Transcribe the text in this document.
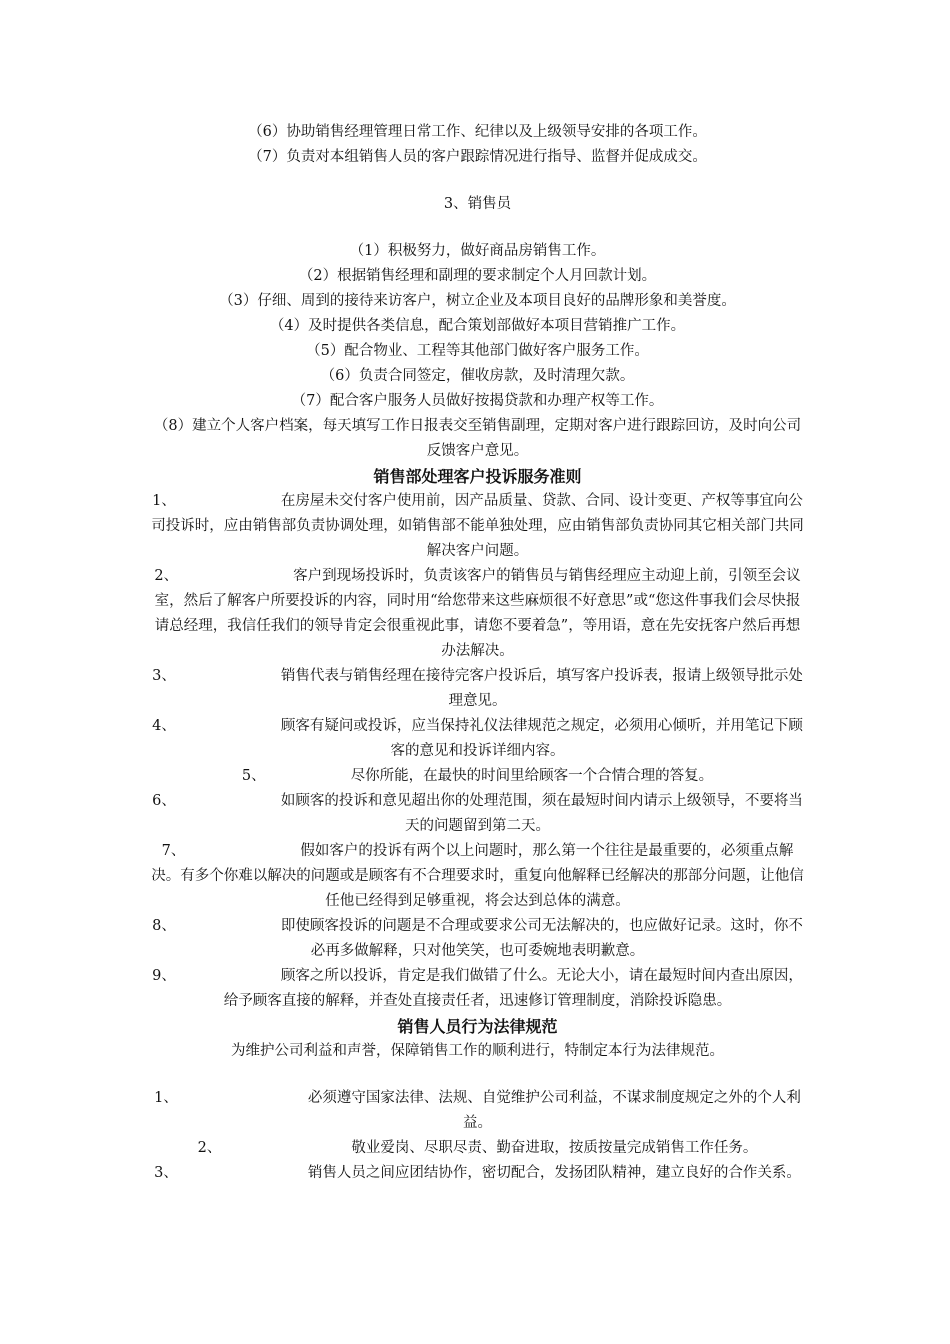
（6）协助销售经理管理日常工作、纪律以及上级领导安排的各项工作。
（7）负责对本组销售人员的客户跟踪情况进行指导、监督并促成成交。
3、销售员
（1）积极努力，做好商品房销售工作。
（2）根据销售经理和副理的要求制定个人月回款计划。
（3）仔细、周到的接待来访客户，树立企业及本项目良好的品牌形象和美誉度。
（4）及时提供各类信息，配合策划部做好本项目营销推广工作。
（5）配合物业、工程等其他部门做好客户服务工作。
（6）负责合同签定，催收房款，及时清理欠款。
（7）配合客户服务人员做好按揭贷款和办理产权等工作。
（8）建立个人客户档案，每天填写工作日报表交至销售副理，定期对客户进行跟踪回访，及时向公司反馈客户意见。
销售部处理客户投诉服务准则
1、	在房屋未交付客户使用前，因产品质量、贷款、合同、设计变更、产权等事宜向公司投诉时，应由销售部负责协调处理，如销售部不能单独处理，应由销售部负责协同其它相关部门共同解决客户问题。
2、	客户到现场投诉时，负责该客户的销售员与销售经理应主动迎上前，引领至会议室，然后了解客户所要投诉的内容，同时用“给您带来这些麻烦很不好意思”或“您这件事我们会尽快报请总经理，我信任我们的领导肯定会很重视此事，请您不要着急”，等用语，意在先安抚客户然后再想办法解决。
3、	销售代表与销售经理在接待完客户投诉后，填写客户投诉表，报请上级领导批示处理意见。
4、	顾客有疑问或投诉，应当保持礼仪法律规范之规定，必须用心倾听，并用笔记下顾客的意见和投诉详细内容。
5、	尽你所能，在最快的时间里给顾客一个合情合理的答复。
6、	如顾客的投诉和意见超出你的处理范围，须在最短时间内请示上级领导，不要将当天的问题留到第二天。
7、	假如客户的投诉有两个以上问题时，那么第一个往往是最重要的，必须重点解决。有多个你难以解决的问题或是顾客有不合理要求时，重复向他解释已经解决的那部分问题，让他信任他已经得到足够重视，将会达到总体的满意。
8、	即使顾客投诉的问题是不合理或要求公司无法解决的，也应做好记录。这时，你不必再多做解释，只对他笑笑，也可委婉地表明歉意。
9、	顾客之所以投诉，肯定是我们做错了什么。无论大小，请在最短时间内查出原因，给予顾客直接的解释，并查处直接责任者，迅速修订管理制度，消除投诉隐患。
销售人员行为法律规范
为维护公司利益和声誉，保障销售工作的顺利进行，特制定本行为法律规范。
1、	必须遵守国家法律、法规、自觉维护公司利益，不谋求制度规定之外的个人利益。
2、	敬业爱岗、尽职尽责、勤奋进取，按质按量完成销售工作任务。
3、	销售人员之间应团结协作，密切配合，发扬团队精神，建立良好的合作关系。
